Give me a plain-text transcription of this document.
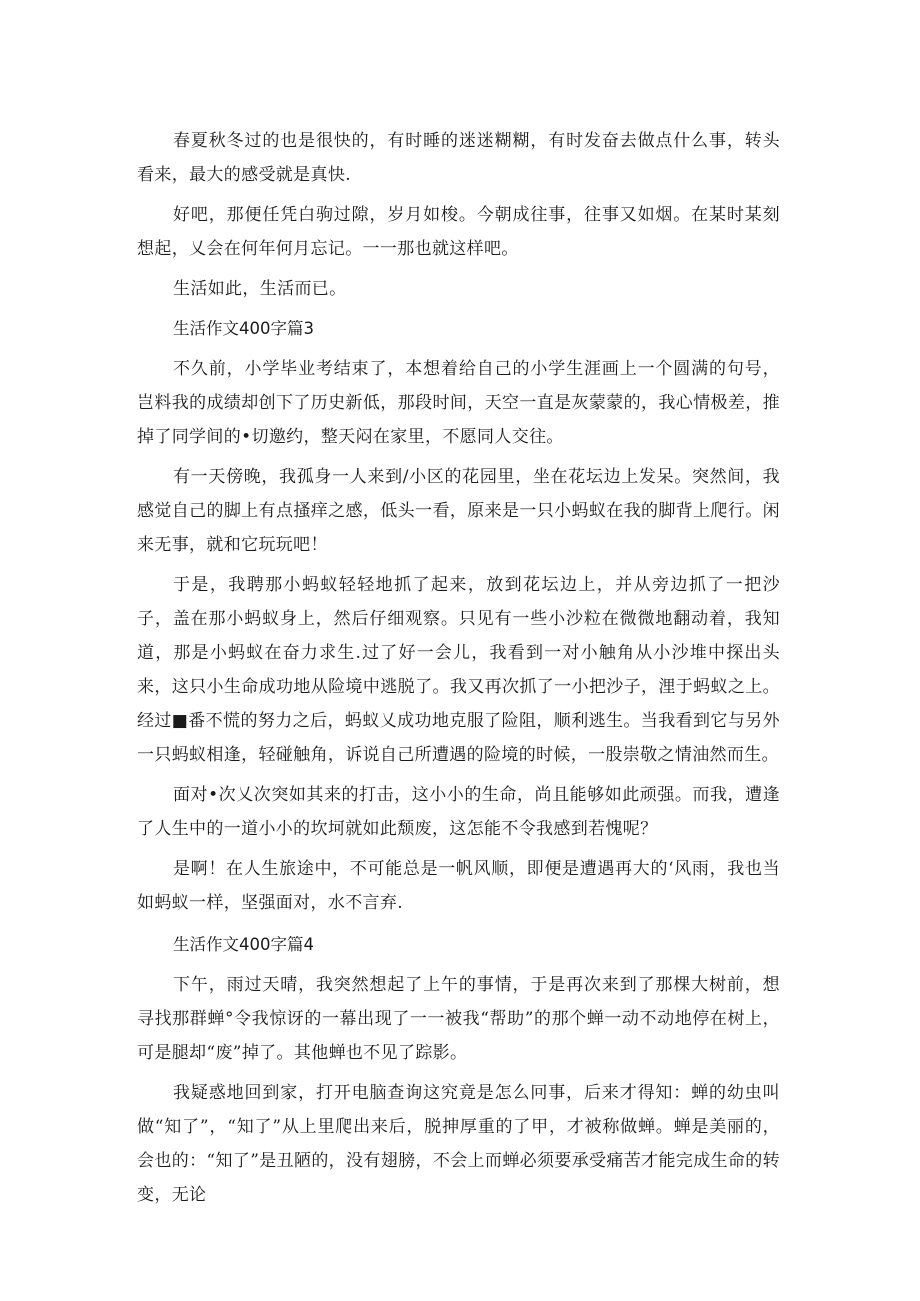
春夏秋冬过的也是很快的，有时睡的迷迷糊糊，有时发奋去做点什么事，转头看来，最大的感受就是真快.

好吧，那便任凭白驹过隙，岁月如梭。今朝成往事，往事又如烟。在某时某刻想起，乂会在何年何月忘记。一一那也就这样吧。

生活如此，生活而已。

生活作文400字篇3

不久前，小学毕业考结束了，本想着给自己的小学生涯画上一个圆满的句号，岂料我的成绩却创下了历史新低，那段时间，天空一直是灰蒙蒙的，我心情极差，推掉了同学间的•切邀约，整天闷在家里，不愿同人交往。

有一天傍晚，我孤身一人来到/小区的花园里，坐在花坛边上发呆。突然间，我感觉自己的脚上有点搔痒之感，低头一看，原来是一只小蚂蚁在我的脚背上爬行。闲来无事，就和它玩玩吧！

于是，我聘那小蚂蚁轻轻地抓了起来，放到花坛边上，并从旁边抓了一把沙子，盖在那小蚂蚁身上，然后仔细观察。只见有一些小沙粒在微微地翻动着，我知道，那是小蚂蚁在奋力求生.过了好一会儿，我看到一对小触角从小沙堆中探出头来，这只小生命成功地从险境中逃脱了。我又再次抓了一小把沙子，浬于蚂蚁之上。经过■番不慌的努力之后，蚂蚁乂成功地克服了险阻，顺利逃生。当我看到它与另外一只蚂蚁相逢，轻碰触角，诉说自己所遭遇的险境的时候，一股崇敬之情油然而生。

面对•次乂次突如其来的打击，这小小的生命，尚且能够如此顽强。而我，遭逢了人生中的一道小小的坎坷就如此颓废，这怎能不令我感到若愧呢？

是啊！在人生旅途中，不可能总是一帆风顺，即便是遭遇再大的‘风雨，我也当如蚂蚁一样，坚强面对，水不言弃.

生活作文400字篇4

下午，雨过天晴，我突然想起了上午的事情，于是再次来到了那棵大树前，想寻找那群蝉°令我惊讶的一幕出现了一一被我“帮助”的那个蝉一动不动地停在树上，可是腿却“废”掉了。其他蝉也不见了踪影。

我疑惑地回到家，打开电脑查询这究竟是怎么冋事，后来才得知：蝉的幼虫叫做“知了”，“知了”从上里爬出来后，脱抻厚重的了甲，才被称做蝉。蝉是美丽的，会也的：“知了”是丑陋的，没有翅膀，不会上而蝉必须要承受痛苦才能完成生命的转变，无论
